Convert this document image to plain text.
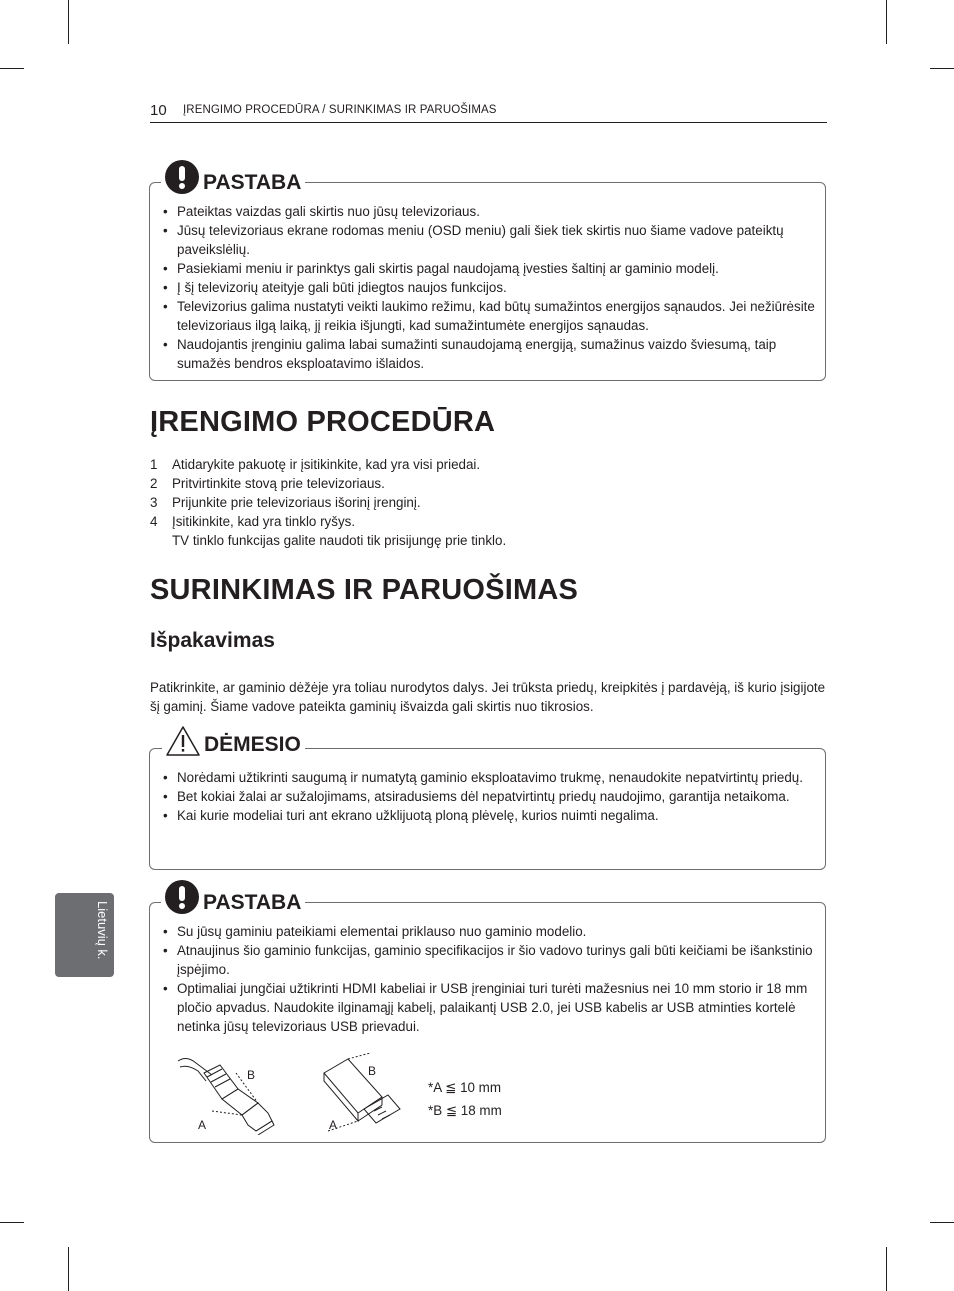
10 ĮRENGIMO PROCEDŪRA / SURINKIMAS IR PARUOŠIMAS
PASTABA
• Pateiktas vaizdas gali skirtis nuo jūsų televizoriaus.
• Jūsų televizoriaus ekrane rodomas meniu (OSD meniu) gali šiek tiek skirtis nuo šiame vadove pateiktų paveikslėlių.
• Pasiekiami meniu ir parinktys gali skirtis pagal naudojamą įvesties šaltinį ar gaminio modelį.
• Į šį televizorių ateityje gali būti įdiegtos naujos funkcijos.
• Televizorius galima nustatyti veikti laukimo režimu, kad būtų sumažintos energijos sąnaudos. Jei nežiūrėsite televizoriaus ilgą laiką, jį reikia išjungti, kad sumažintumėte energijos sąnaudas.
• Naudojantis įrenginiu galima labai sumažinti sunaudojamą energiją, sumažinus vaizdo šviesumą, taip sumažės bendros eksploatavimo išlaidos.
ĮRENGIMO PROCEDŪRA
1 Atidarykite pakuotę ir įsitikinkite, kad yra visi priedai.
2 Pritvirtinkite stovą prie televizoriaus.
3 Prijunkite prie televizoriaus išorinį įrenginį.
4 Įsitikinkite, kad yra tinklo ryšys.
TV tinklo funkcijas galite naudoti tik prisijungę prie tinklo.
SURINKIMAS IR PARUOŠIMAS
Išpakavimas

Patikrinkite, ar gaminio dėžėje yra toliau nurodytos dalys. Jei trūksta priedų, kreipkitės į pardavėją, iš kurio įsigijote šį gaminį. Šiame vadove pateikta gaminių išvaizda gali skirtis nuo tikrosios.

DĖMESIO
• Norėdami užtikrinti saugumą ir numatytą gaminio eksploatavimo trukmę, nenaudokite nepatvirtintų priedų.
• Bet kokiai žalai ar sužalojimams, atsiradusiems dėl nepatvirtintų priedų naudojimo, garantija netaikoma.
• Kai kurie modeliai turi ant ekrano užklijuotą ploną plėvelę, kurios nuimti negalima.
PASTABA
• Su jūsų gaminiu pateikiami elementai priklauso nuo gaminio modelio.
• Atnaujinus šio gaminio funkcijas, gaminio specifikacijos ir šio vadovo turinys gali būti keičiami be išankstinio įspėjimo.
• Optimaliai jungčiai užtikrinti HDMI kabeliai ir USB įrenginiai turi turėti mažesnius nei 10 mm storio ir 18 mm pločio apvadus. Naudokite ilginamąjį kabelį, palaikantį USB 2.0, jei USB kabelis ar USB atminties kortelė netinka jūsų televizoriaus USB prievadui.
B
A
B
A
*A ≦ 10 mm
*B ≦ 18 mm
Lietuvių k.
